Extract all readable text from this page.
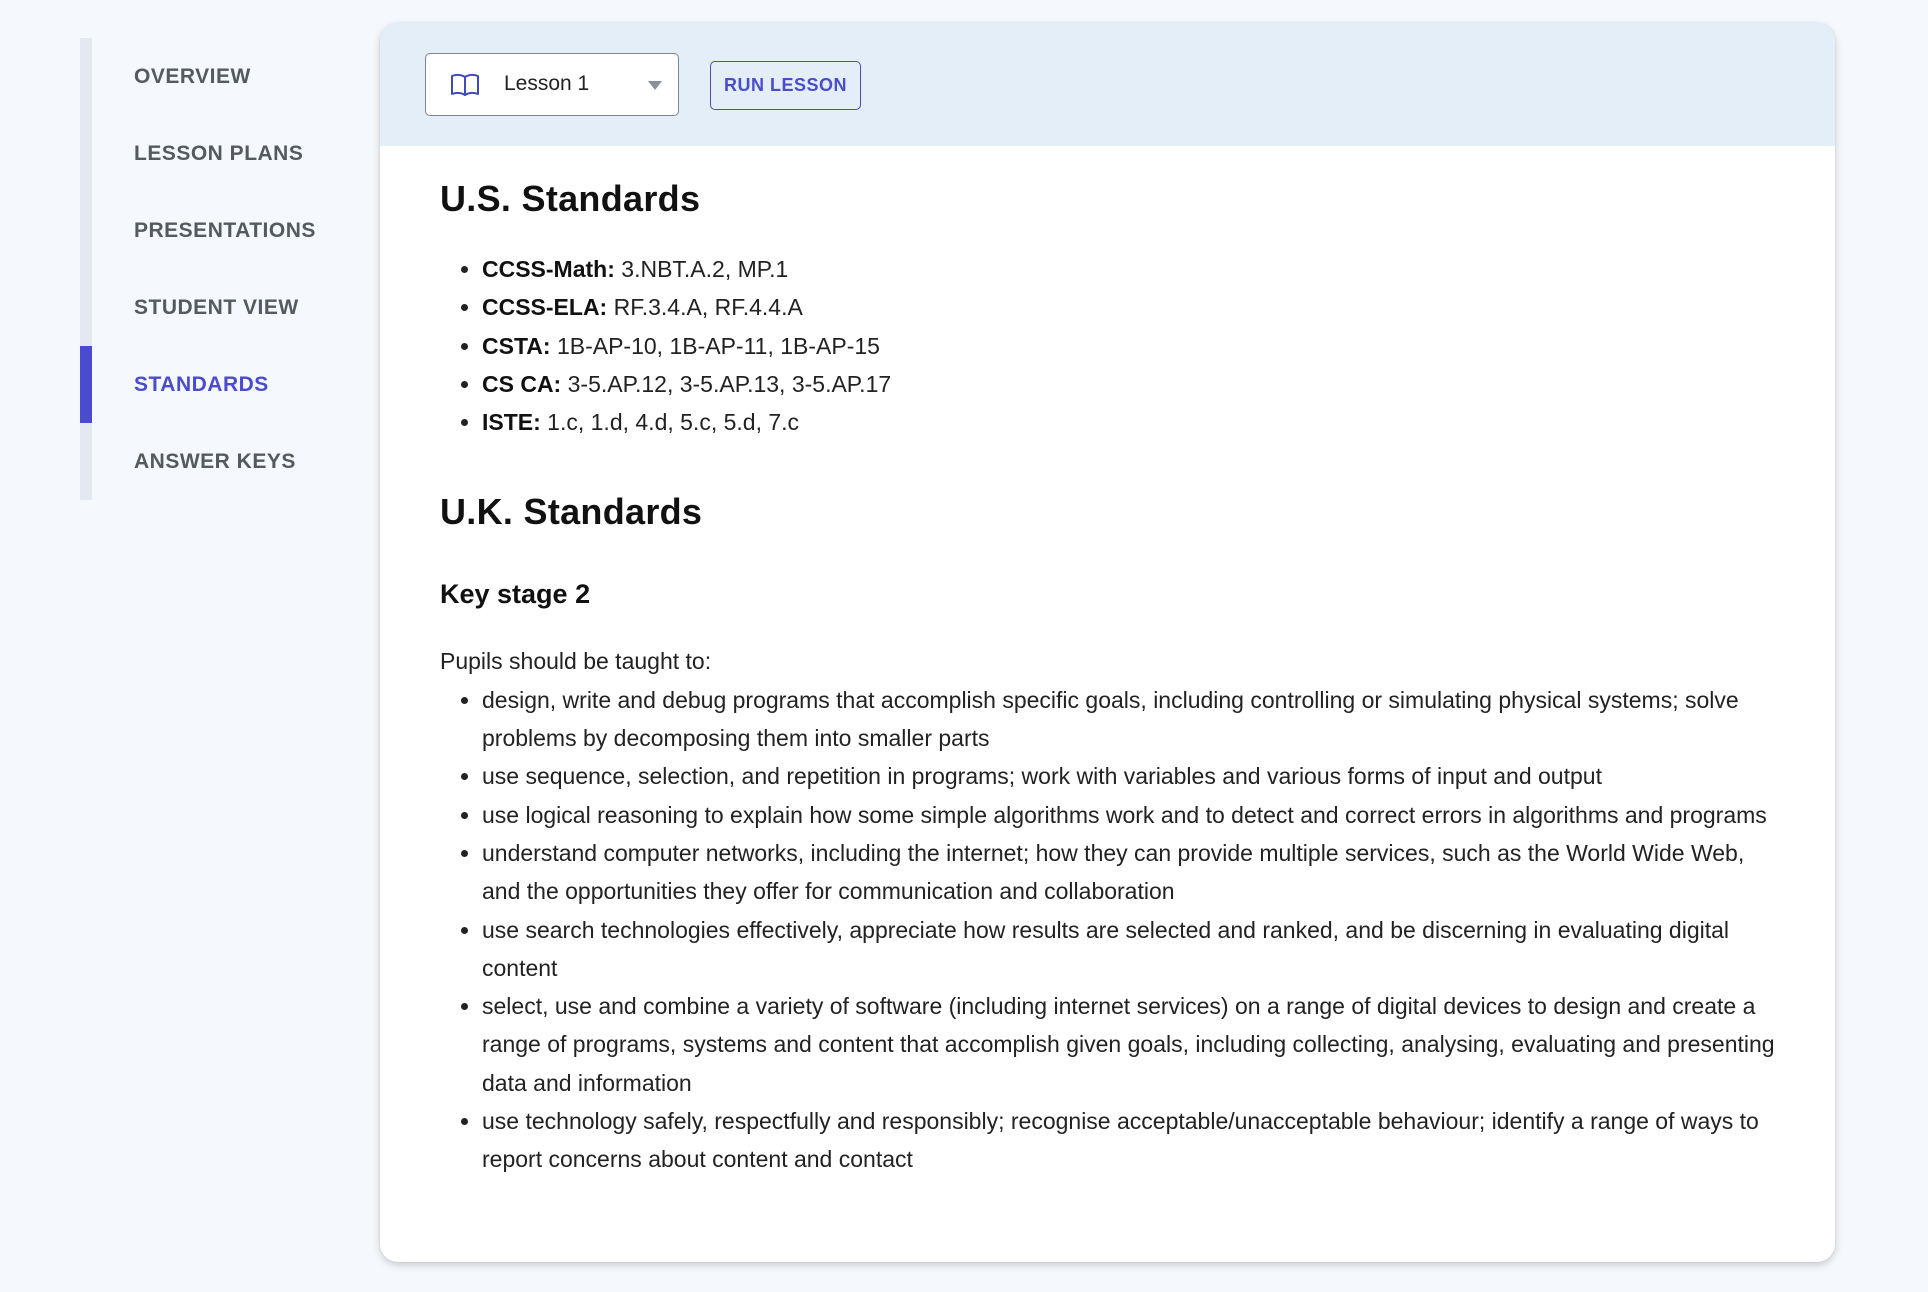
OVERVIEW
LESSON PLANS
PRESENTATIONS
STUDENT VIEW
STANDARDS
ANSWER KEYS
Lesson 1	RUN LESSON
U.S. Standards
• CCSS-Math: 3.NBT.A.2, MP.1
• CCSS-ELA: RF.3.4.A, RF.4.4.A
• CSTA: 1B-AP-10, 1B-AP-11, 1B-AP-15
• CS CA: 3-5.AP.12, 3-5.AP.13, 3-5.AP.17
• ISTE: 1.c, 1.d, 4.d, 5.c, 5.d, 7.c
U.K. Standards
Key stage 2

Pupils should be taught to:

• design, write and debug programs that accomplish specific goals, including controlling or simulating physical systems; solve problems by decomposing them into smaller parts
• use sequence, selection, and repetition in programs; work with variables and various forms of input and output
• use logical reasoning to explain how some simple algorithms work and to detect and correct errors in algorithms and programs
• understand computer networks, including the internet; how they can provide multiple services, such as the World Wide Web, and the opportunities they offer for communication and collaboration
• use search technologies effectively, appreciate how results are selected and ranked, and be discerning in evaluating digital content
• select, use and combine a variety of software (including internet services) on a range of digital devices to design and create a range of programs, systems and content that accomplish given goals, including collecting, analysing, evaluating and presenting data and information
• use technology safely, respectfully and responsibly; recognise acceptable/unacceptable behaviour; identify a range of ways to report concerns about content and contact
